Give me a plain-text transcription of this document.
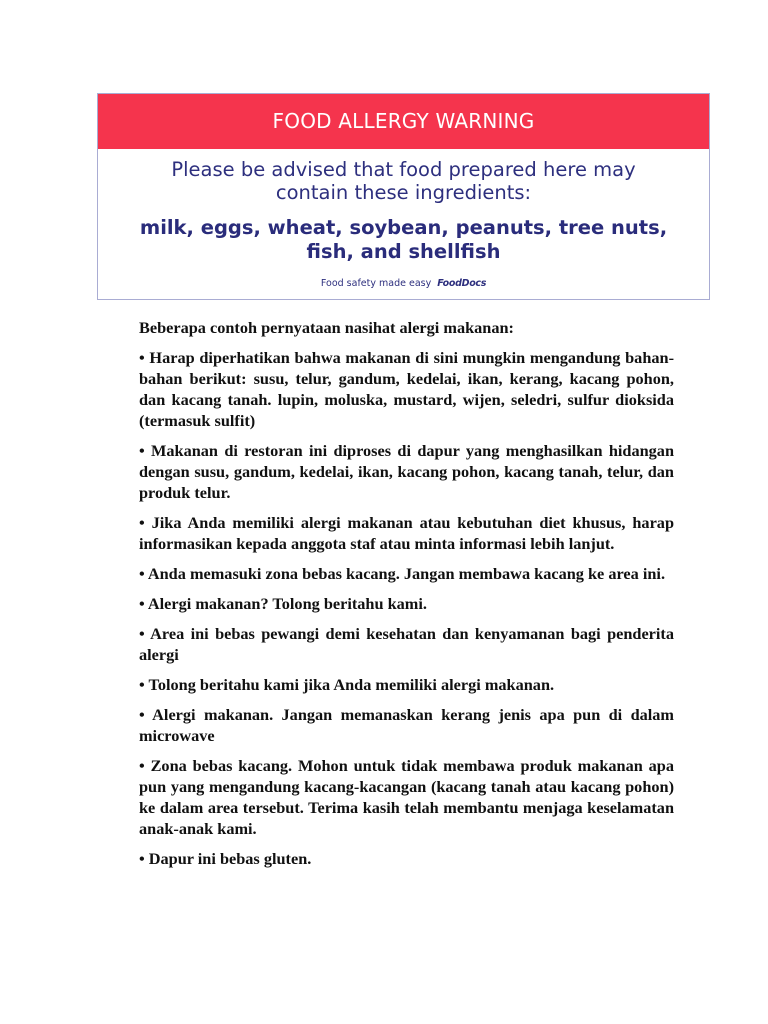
FOOD ALLERGY WARNING
Please be advised that food prepared here may
contain these ingredients:
milk, eggs, wheat, soybean, peanuts, tree nuts,
fish, and shellfish
Food safety made easy FoodDocs

Beberapa contoh pernyataan nasihat alergi makanan:

• Harap diperhatikan bahwa makanan di sini mungkin mengandung bahan-bahan berikut: susu, telur, gandum, kedelai, ikan, kerang, kacang pohon, dan kacang tanah. lupin, moluska, mustard, wijen, seledri, sulfur dioksida (termasuk sulfit)

• Makanan di restoran ini diproses di dapur yang menghasilkan hidangan dengan susu, gandum, kedelai, ikan, kacang pohon, kacang tanah, telur, dan produk telur.

• Jika Anda memiliki alergi makanan atau kebutuhan diet khusus, harap informasikan kepada anggota staf atau minta informasi lebih lanjut.

• Anda memasuki zona bebas kacang. Jangan membawa kacang ke area ini.

• Alergi makanan? Tolong beritahu kami.

• Area ini bebas pewangi demi kesehatan dan kenyamanan bagi penderita alergi

• Tolong beritahu kami jika Anda memiliki alergi makanan.

• Alergi makanan. Jangan memanaskan kerang jenis apa pun di dalam microwave

• Zona bebas kacang. Mohon untuk tidak membawa produk makanan apa pun yang mengandung kacang-kacangan (kacang tanah atau kacang pohon) ke dalam area tersebut. Terima kasih telah membantu menjaga keselamatan anak-anak kami.

• Dapur ini bebas gluten.
